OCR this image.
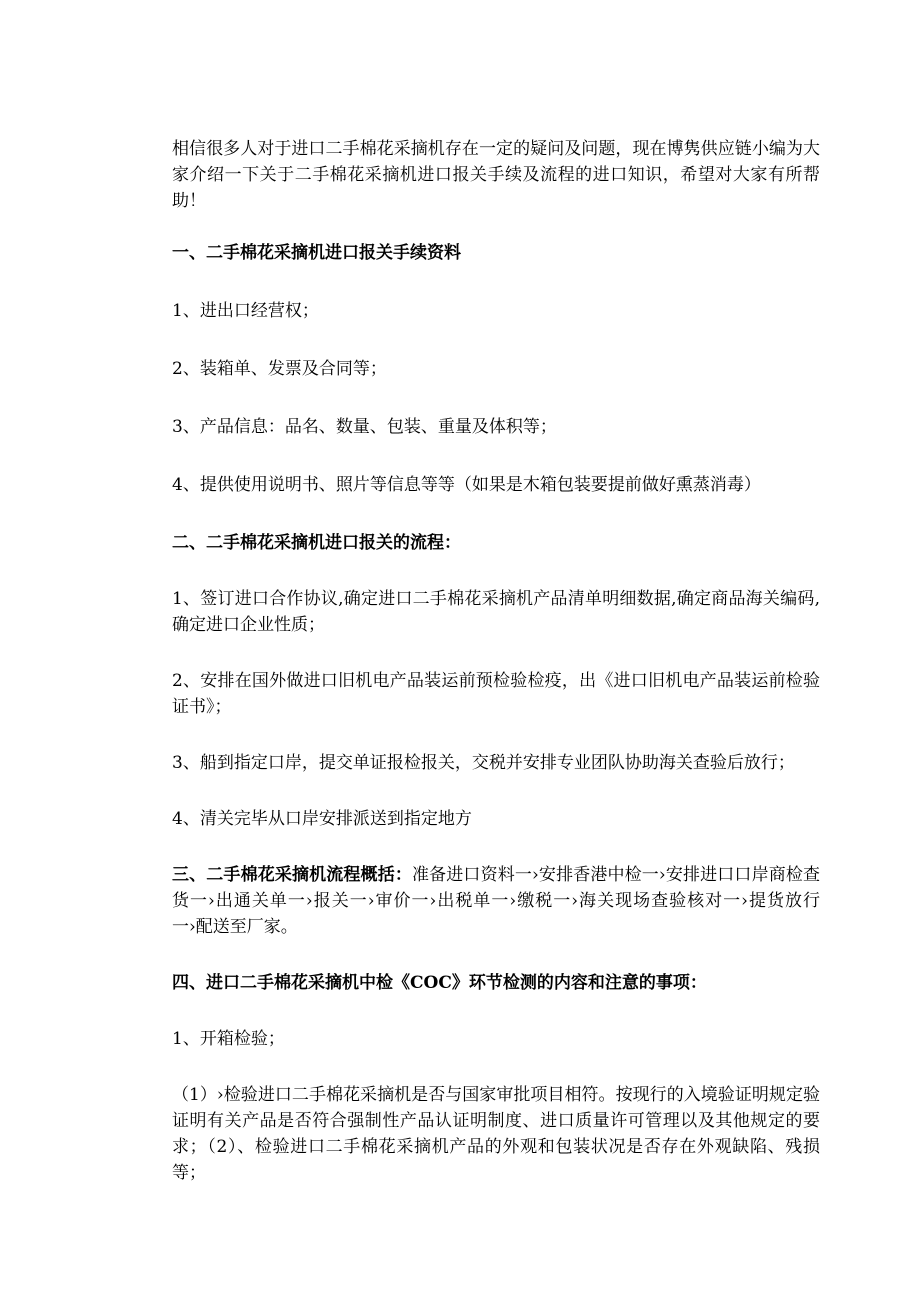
相信很多人对于进口二手棉花采摘机存在一定的疑问及问题，现在博隽供应链小编为大家介绍一下关于二手棉花采摘机进口报关手续及流程的进口知识，希望对大家有所帮助！

一、二手棉花采摘机进口报关手续资料

1、进出口经营权；

2、装箱单、发票及合同等；

3、产品信息：品名、数量、包装、重量及体积等；

4、提供使用说明书、照片等信息等等（如果是木箱包装要提前做好熏蒸消毒）

二、二手棉花采摘机进口报关的流程：

1、签订进口合作协议,确定进口二手棉花采摘机产品清单明细数据,确定商品海关编码,确定进口企业性质；

2、安排在国外做进口旧机电产品装运前预检验检疫，出《进口旧机电产品装运前检验证书》；

3、船到指定口岸，提交单证报检报关，交税并安排专业团队协助海关查验后放行；

4、清关完毕从口岸安排派送到指定地方

三、二手棉花采摘机流程概括：准备进口资料一›安排香港中检一›安排进口口岸商检查货一›出通关单一›报关一›审价一›出税单一›缴税一›海关现场查验核对一›提货放行一›配送至厂家。

四、进口二手棉花采摘机中检《COC》环节检测的内容和注意的事项：

1、开箱检验；

（1）›检验进口二手棉花采摘机是否与国家审批项目相符。按现行的入境验证明规定验证明有关产品是否符合强制性产品认证明制度、进口质量许可管理以及其他规定的要求；（2）、检验进口二手棉花采摘机产品的外观和包装状况是否存在外观缺陷、残损等；
